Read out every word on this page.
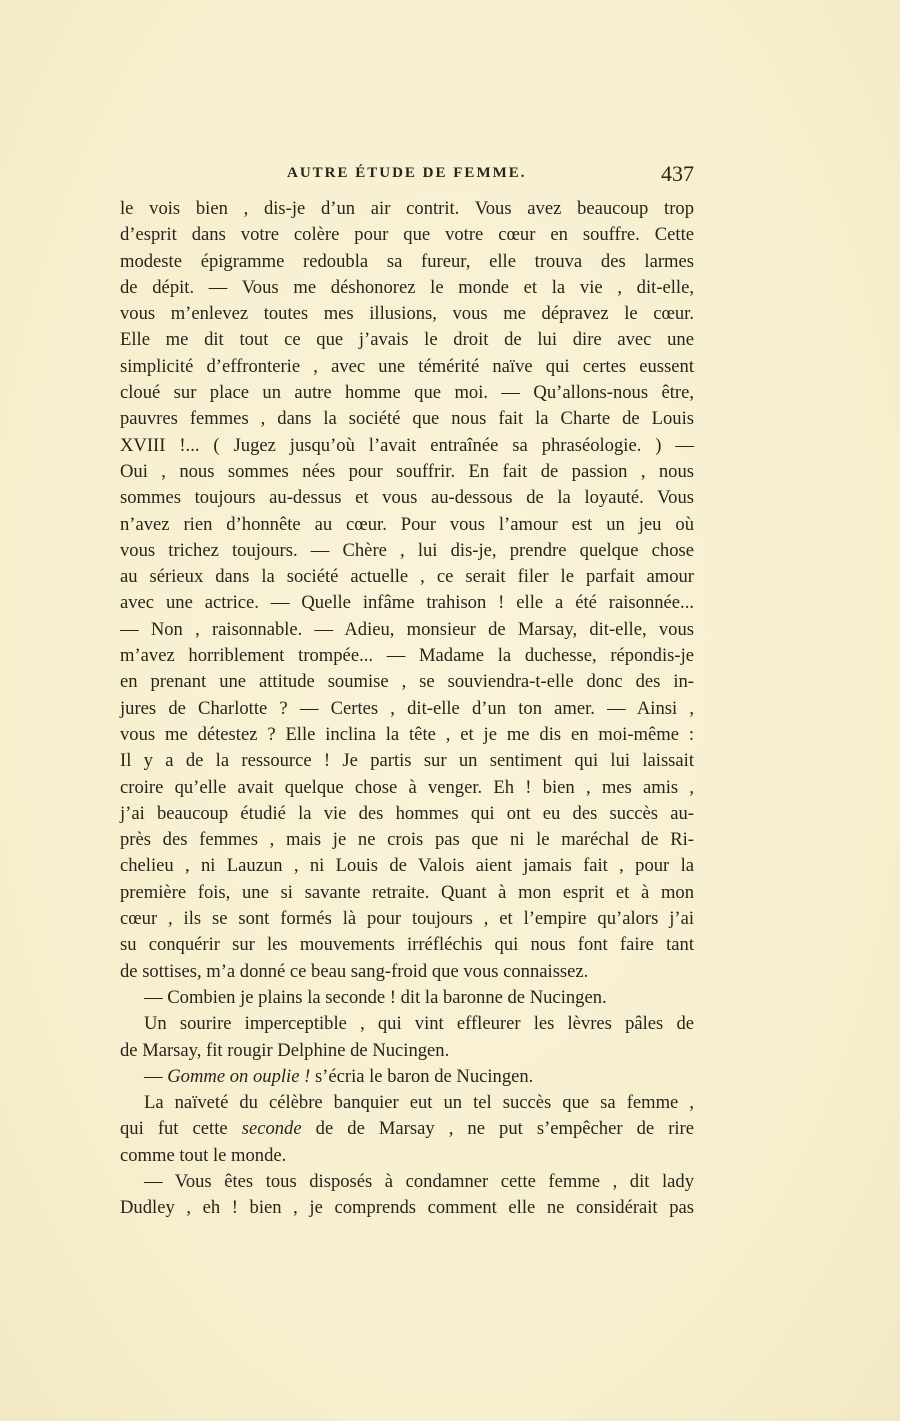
AUTRE ÉTUDE DE FEMME.	437
le vois bien , dis-je d’un air contrit. Vous avez beaucoup trop
d’esprit dans votre colère pour que votre cœur en souffre. Cette
modeste épigramme redoubla sa fureur, elle trouva des larmes
de dépit. — Vous me déshonorez le monde et la vie , dit-elle,
vous m’enlevez toutes mes illusions, vous me dépravez le cœur.
Elle me dit tout ce que j’avais le droit de lui dire avec une
simplicité d’effronterie , avec une témérité naïve qui certes eussent
cloué sur place un autre homme que moi. — Qu’allons-nous être,
pauvres femmes , dans la société que nous fait la Charte de Louis
XVIII !... ( Jugez jusqu’où l’avait entraînée sa phraséologie. ) —
Oui , nous sommes nées pour souffrir. En fait de passion , nous
sommes toujours au-dessus et vous au-dessous de la loyauté. Vous
n’avez rien d’honnête au cœur. Pour vous l’amour est un jeu où
vous trichez toujours. — Chère , lui dis-je, prendre quelque chose
au sérieux dans la société actuelle , ce serait filer le parfait amour
avec une actrice. — Quelle infâme trahison ! elle a été raisonnée...
— Non , raisonnable. — Adieu, monsieur de Marsay, dit-elle, vous
m’avez horriblement trompée... — Madame la duchesse, répondis-je
en prenant une attitude soumise , se souviendra-t-elle donc des in-
jures de Charlotte ? — Certes , dit-elle d’un ton amer. — Ainsi ,
vous me détestez ? Elle inclina la tête , et je me dis en moi-même :
Il y a de la ressource ! Je partis sur un sentiment qui lui laissait
croire qu’elle avait quelque chose à venger. Eh ! bien , mes amis ,
j’ai beaucoup étudié la vie des hommes qui ont eu des succès au-
près des femmes , mais je ne crois pas que ni le maréchal de Ri-
chelieu , ni Lauzun , ni Louis de Valois aient jamais fait , pour la
première fois, une si savante retraite. Quant à mon esprit et à mon
cœur , ils se sont formés là pour toujours , et l’empire qu’alors j’ai
su conquérir sur les mouvements irréfléchis qui nous font faire tant
de sottises, m’a donné ce beau sang-froid que vous connaissez.
— Combien je plains la seconde ! dit la baronne de Nucingen.
Un sourire imperceptible , qui vint effleurer les lèvres pâles de
de Marsay, fit rougir Delphine de Nucingen.
— Gomme on ouplie ! s’écria le baron de Nucingen.
La naïveté du célèbre banquier eut un tel succès que sa femme ,
qui fut cette seconde de de Marsay , ne put s’empêcher de rire
comme tout le monde.
— Vous êtes tous disposés à condamner cette femme , dit lady
Dudley , eh ! bien , je comprends comment elle ne considérait pas
